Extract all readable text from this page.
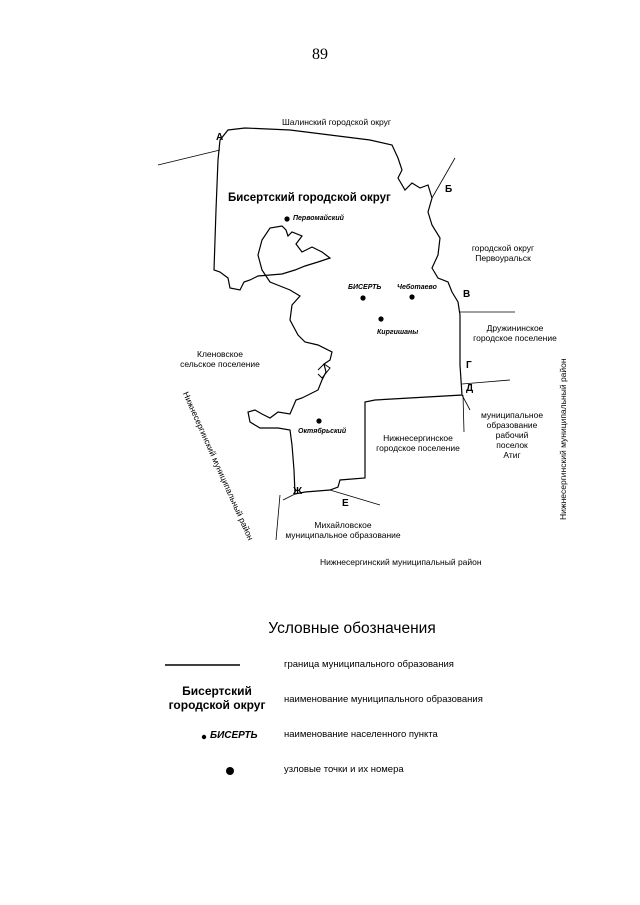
89
Шалинский городской округ
городской округ
Первоуральск
Дружининское
городское поселение
муниципальное
образование
рабочий
поселок
Атиг
Нижнесергинское
городское поселение
Михайловское
муниципальное образование
Нижнесергинский муниципальный район
Кленовское
сельское поселение
Нижнесергинский муниципальный район	Нижнесергинский муниципальный район
Бисертский городской округ
Первомайский
БИСЕРТЬ Чеботаево
Киргишаны
Октябрьский
А
Б
В
Г
Д
Е
Ж
Условные обозначения
граница муниципального образования
Бисертский
городской округ	наименование муниципального образования
БИСЕРТЬ	наименование населенного пункта
узловые точки и их номера
